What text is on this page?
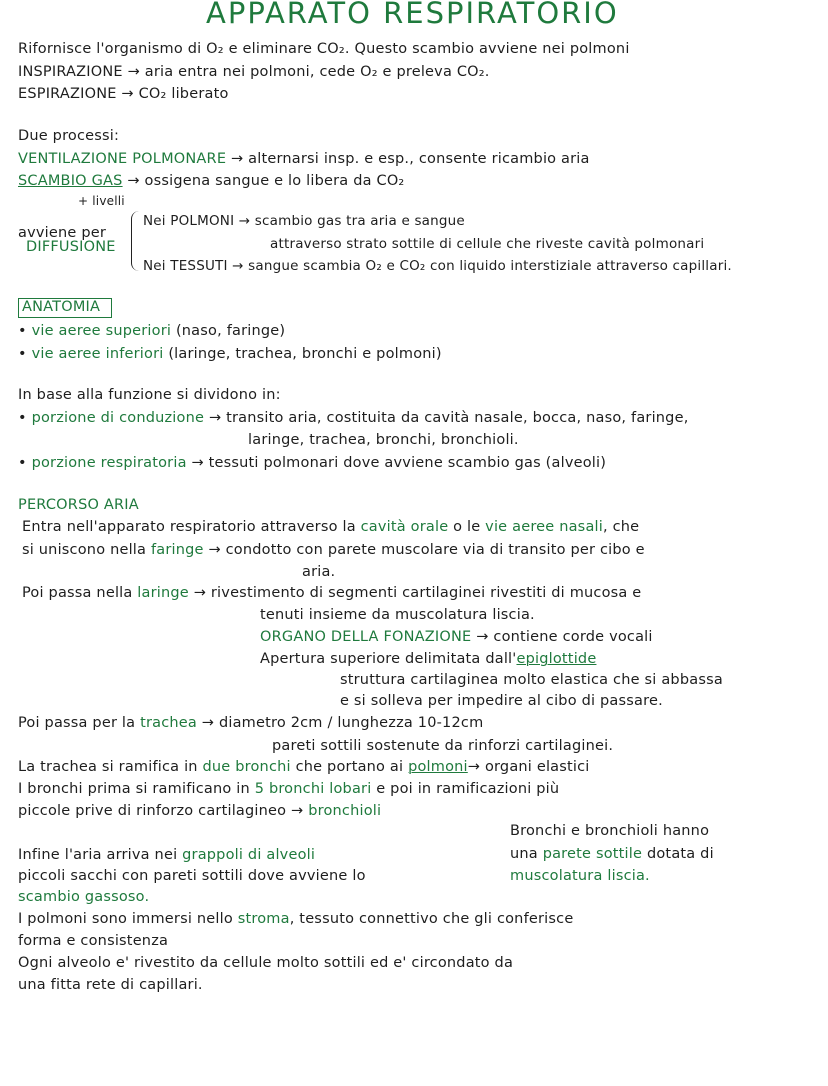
APPARATO RESPIRATORIO
Rifornisce l'organismo di O₂ e eliminare CO₂. Questo scambio avviene nei polmoni
INSPIRAZIONE → aria entra nei polmoni, cede O₂ e preleva CO₂.
ESPIRAZIONE → CO₂ liberato
Due processi:
VENTILAZIONE POLMONARE → alternarsi insp. e esp., consente ricambio aria
SCAMBIO GAS → ossigena sangue e lo libera da CO₂
+ livelli
avviene per
DIFFUSIONE
Nei POLMONI → scambio gas tra aria e sangue
attraverso strato sottile di cellule che riveste cavità polmonari
Nei TESSUTI → sangue scambia O₂ e CO₂ con liquido interstiziale attraverso capillari.
ANATOMIA
• vie aeree superiori (naso, faringe)
• vie aeree inferiori (laringe, trachea, bronchi e polmoni)
In base alla funzione si dividono in:
• porzione di conduzione → transito aria, costituita da cavità nasale, bocca, naso, faringe,
laringe, trachea, bronchi, bronchioli.
• porzione respiratoria → tessuti polmonari dove avviene scambio gas (alveoli)
PERCORSO ARIA
Entra nell'apparato respiratorio attraverso la cavità orale o le vie aeree nasali, che
si uniscono nella faringe → condotto con parete muscolare via di transito per cibo e
aria.
Poi passa nella laringe → rivestimento di segmenti cartilaginei rivestiti di mucosa e
tenuti insieme da muscolatura liscia.
ORGANO DELLA FONAZIONE → contiene corde vocali
Apertura superiore delimitata dall'epiglottide
struttura cartilaginea molto elastica che si abbassa
e si solleva per impedire al cibo di passare.
Poi passa per la trachea → diametro 2cm / lunghezza 10-12cm
pareti sottili sostenute da rinforzi cartilaginei.
La trachea si ramifica in due bronchi che portano ai polmoni→ organi elastici
I bronchi prima si ramificano in 5 bronchi lobari e poi in ramificazioni più
piccole prive di rinforzo cartilagineo → bronchioli
Bronchi e bronchioli hanno
una parete sottile dotata di
muscolatura liscia.
Infine l'aria arriva nei grappoli di alveoli
piccoli sacchi con pareti sottili dove avviene lo
scambio gassoso.
I polmoni sono immersi nello stroma, tessuto connettivo che gli conferisce
forma e consistenza
Ogni alveolo e' rivestito da cellule molto sottili ed e' circondato da
una fitta rete di capillari.
